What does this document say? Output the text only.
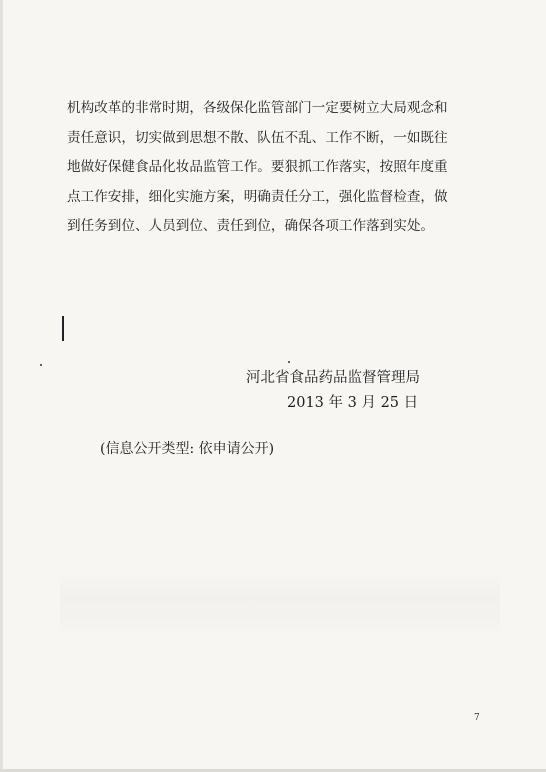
机构改革的非常时期，各级保化监管部门一定要树立大局观念和
责任意识，切实做到思想不散、队伍不乱、工作不断，一如既往
地做好保健食品化妆品监管工作。要狠抓工作落实，按照年度重
点工作安排，细化实施方案，明确责任分工，强化监督检查，做
到任务到位、人员到位、责任到位，确保各项工作落到实处。
河北省食品药品监督管理局
2013 年 3 月 25 日
(信息公开类型: 依申请公开)
7
